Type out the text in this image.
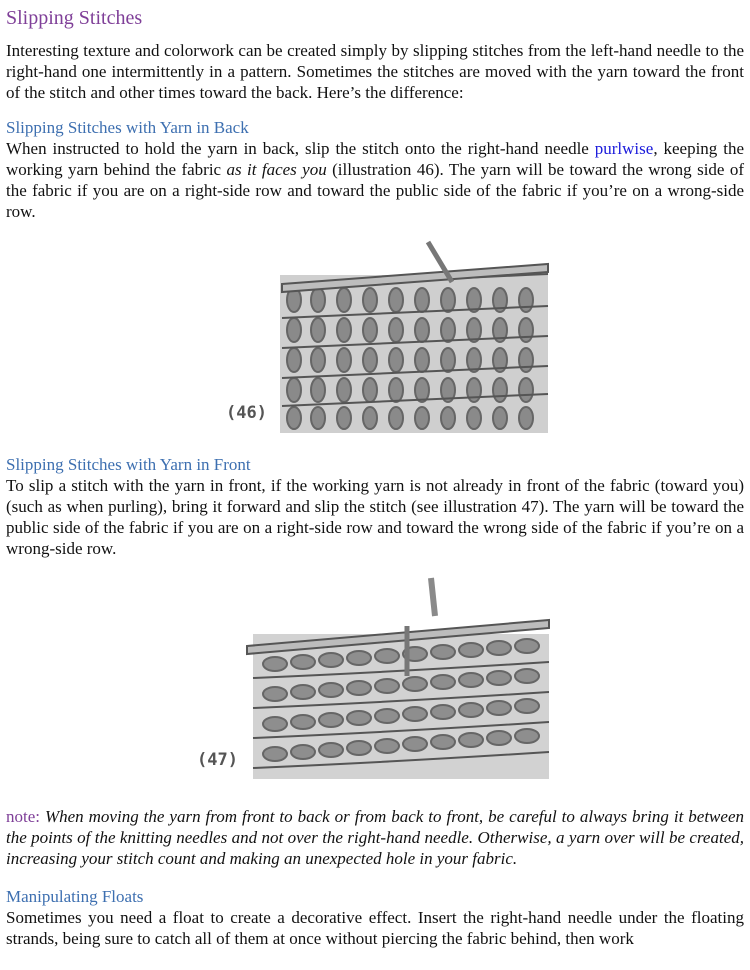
Slipping Stitches

Interesting texture and colorwork can be created simply by slipping stitches from the left-hand needle to the right-hand one intermittently in a pattern. Sometimes the stitches are moved with the yarn toward the front of the stitch and other times toward the back. Here’s the difference:

Slipping Stitches with Yarn in Back

When instructed to hold the yarn in back, slip the stitch onto the right-hand needle purlwise, keeping the working yarn behind the fabric as it faces you (illustration 46). The yarn will be toward the wrong side of the fabric if you are on a right-side row and toward the public side of the fabric if you’re on a wrong-side row.

(46)
Slipping Stitches with Yarn in Front

To slip a stitch with the yarn in front, if the working yarn is not already in front of the fabric (toward you) (such as when purling), bring it forward and slip the stitch (see illustration 47). The yarn will be toward the public side of the fabric if you are on a right-side row and toward the wrong side of the fabric if you’re on a wrong-side row.

(47)

note: When moving the yarn from front to back or from back to front, be careful to always bring it between the points of the knitting needles and not over the right-hand needle. Otherwise, a yarn over will be created, increasing your stitch count and making an unexpected hole in your fabric.

Manipulating Floats

Sometimes you need a float to create a decorative effect. Insert the right-hand needle under the floating strands, being sure to catch all of them at once without piercing the fabric behind, then work
